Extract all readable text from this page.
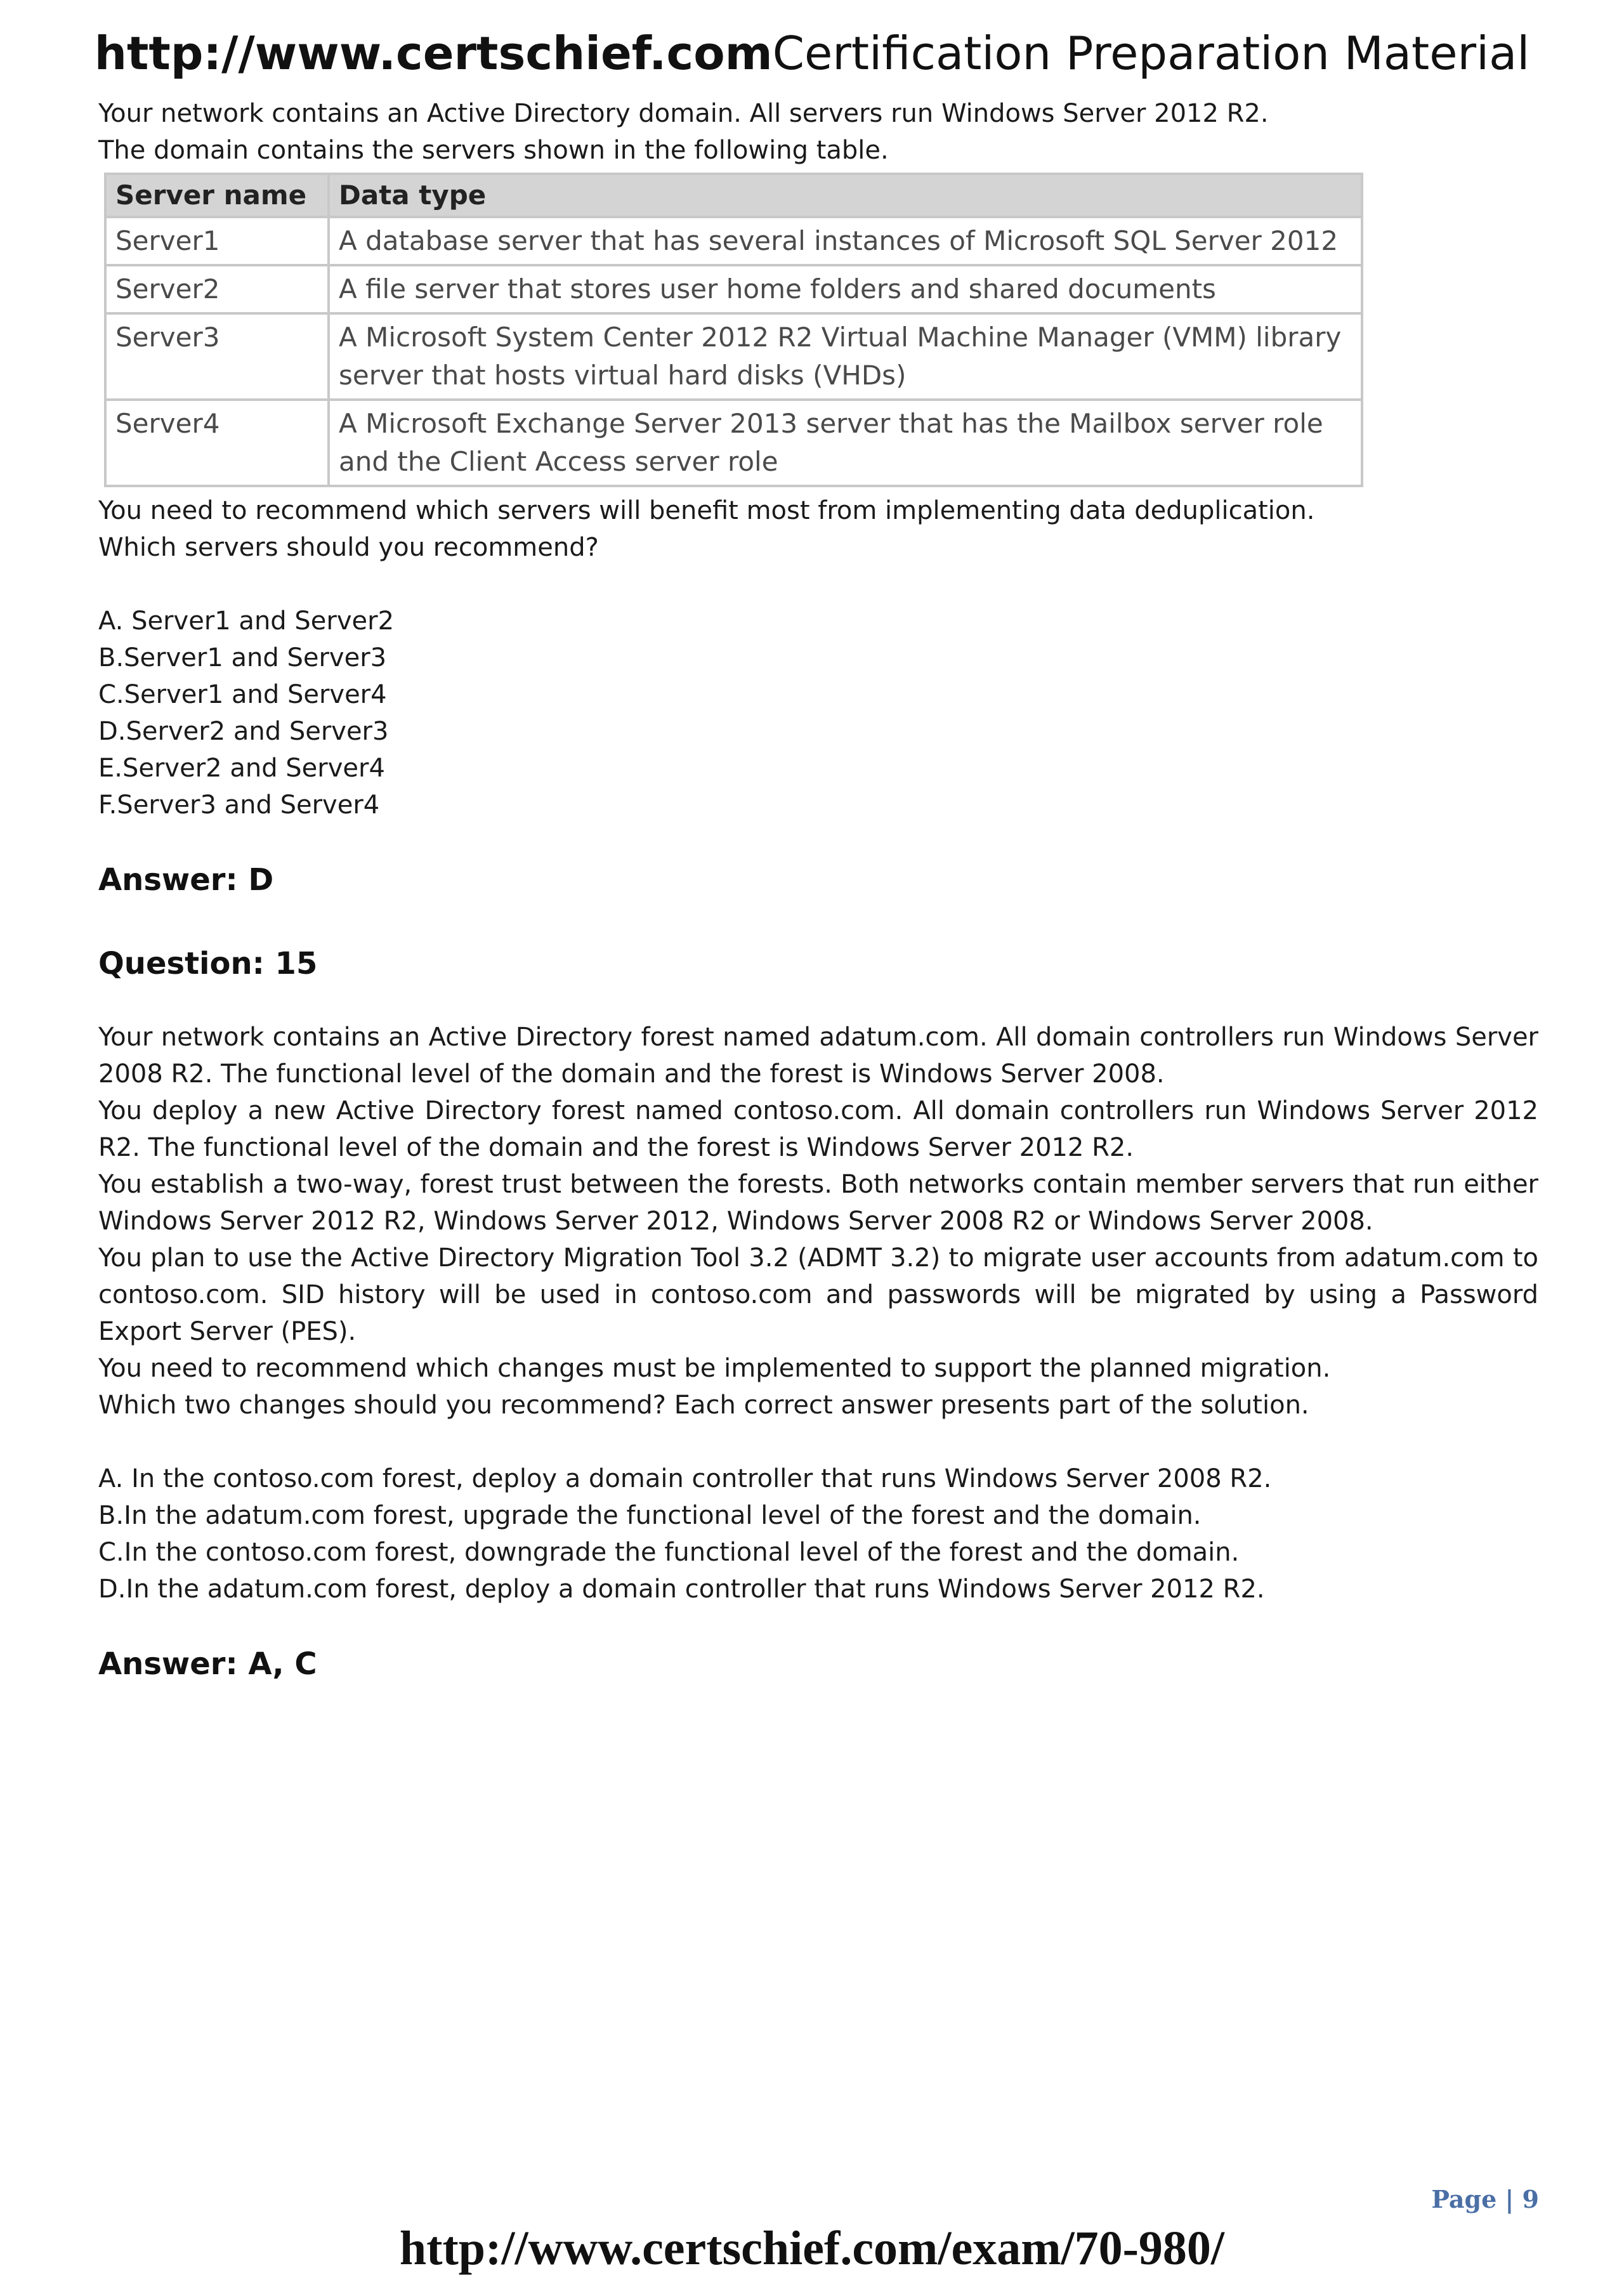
http://www.certschief.comCertification Preparation Material

Your network contains an Active Directory domain. All servers run Windows Server 2012 R2.

The domain contains the servers shown in the following table.

Server name	Data type
Server1	A database server that has several instances of Microsoft SQL Server 2012
Server2	A file server that stores user home folders and shared documents
Server3	A Microsoft System Center 2012 R2 Virtual Machine Manager (VMM) library server that hosts virtual hard disks (VHDs)
Server4	A Microsoft Exchange Server 2013 server that has the Mailbox server role and the Client Access server role

You need to recommend which servers will benefit most from implementing data deduplication.

Which servers should you recommend?

A. Server1 and Server2

B.Server1 and Server3

C.Server1 and Server4

D.Server2 and Server3

E.Server2 and Server4

F.Server3 and Server4

Answer: D

Question: 15

Your network contains an Active Directory forest named adatum.com. All domain controllers run Windows Server 2008 R2. The functional level of the domain and the forest is Windows Server 2008.

You deploy a new Active Directory forest named contoso.com. All domain controllers run Windows Server 2012 R2. The functional level of the domain and the forest is Windows Server 2012 R2.

You establish a two-way, forest trust between the forests. Both networks contain member servers that run either Windows Server 2012 R2, Windows Server 2012, Windows Server 2008 R2 or Windows Server 2008.

You plan to use the Active Directory Migration Tool 3.2 (ADMT 3.2) to migrate user accounts from adatum.com to contoso.com. SID history will be used in contoso.com and passwords will be migrated by using a Password Export Server (PES).

You need to recommend which changes must be implemented to support the planned migration.

Which two changes should you recommend? Each correct answer presents part of the solution.

A. In the contoso.com forest, deploy a domain controller that runs Windows Server 2008 R2.

B.In the adatum.com forest, upgrade the functional level of the forest and the domain.

C.In the contoso.com forest, downgrade the functional level of the forest and the domain.

D.In the adatum.com forest, deploy a domain controller that runs Windows Server 2012 R2.

Answer: A, C

Page | 9
http://www.certschief.com/exam/70-980/
